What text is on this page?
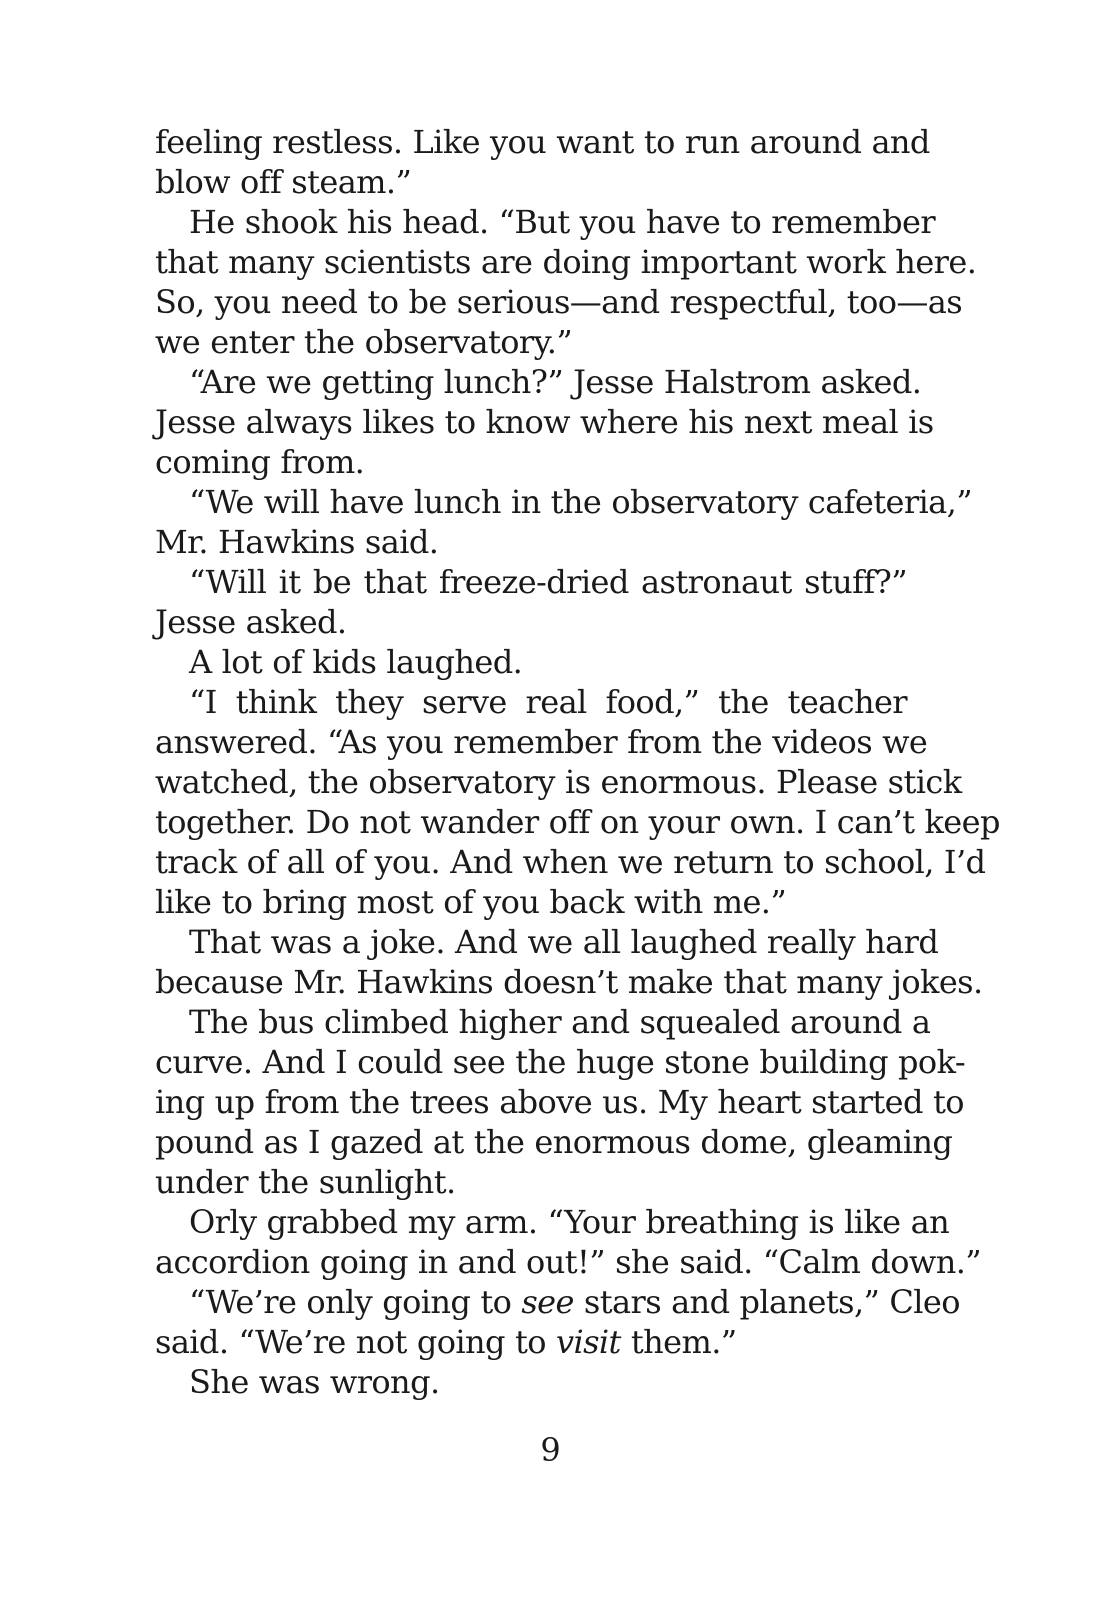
feeling restless. Like you want to run around and
blow off steam.”
He shook his head. “But you have to remember
that many scientists are doing important work here.
So, you need to be serious—and respectful, too—as
we enter the observatory.”
“Are we getting lunch?” Jesse Halstrom asked.
Jesse always likes to know where his next meal is
coming from.
“We will have lunch in the observatory cafeteria,”
Mr. Hawkins said.
“Will it be that freeze-dried astronaut stuff?”
Jesse asked.
A lot of kids laughed.
“I think they serve real food,” the teacher
answered. “As you remember from the videos we
watched, the observatory is enormous. Please stick
together. Do not wander off on your own. I can’t keep
track of all of you. And when we return to school, I’d
like to bring most of you back with me.”
That was a joke. And we all laughed really hard
because Mr. Hawkins doesn’t make that many jokes.
The bus climbed higher and squealed around a
curve. And I could see the huge stone building pok-
ing up from the trees above us. My heart started to
pound as I gazed at the enormous dome, gleaming
under the sunlight.
Orly grabbed my arm. “Your breathing is like an
accordion going in and out!” she said. “Calm down.”
“We’re only going to see stars and planets,” Cleo
said. “We’re not going to visit them.”
She was wrong.
9
